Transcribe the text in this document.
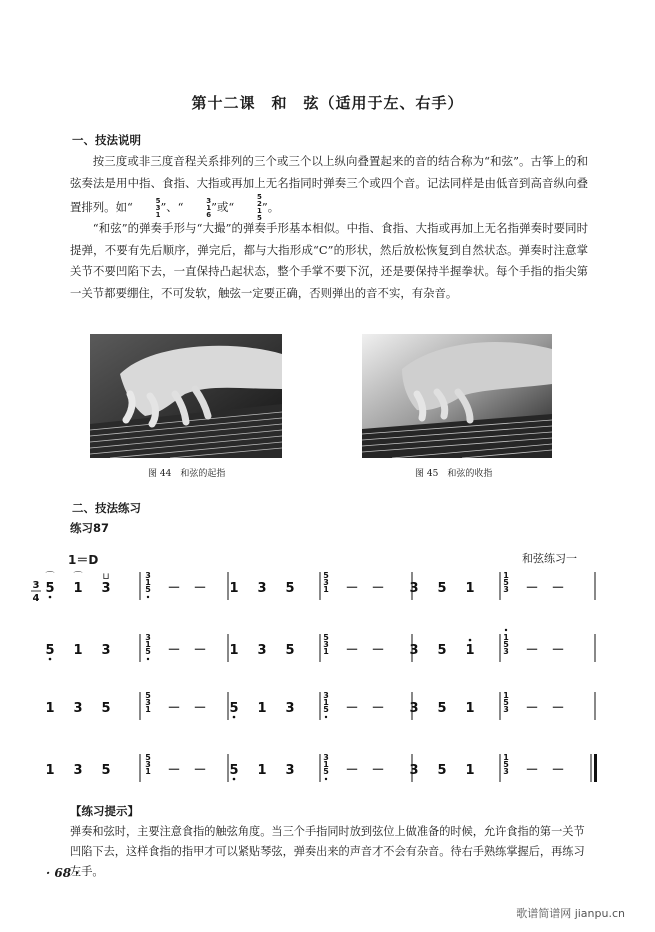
第十二课　和　弦（适用于左、右手）
一、技法说明

按三度或非三度音程关系排列的三个或三个以上纵向叠置起来的音的结合称为“和弦”。古筝上的和弦奏法是用中指、食指、大指或再加上无名指同时弹奏三个或四个音。记法同样是由低音到高音纵向叠置排列。如“	5
3
1
”、“	3
1
6
”或“
5
2
1
5
”。

“和弦”的弹奏手形与“大撮”的弹奏手形基本相似。中指、食指、大指或再加上无名指弹奏时要同时提弹，不要有先后顺序，弹完后，都与大指形成“C”的形状，然后放松恢复到自然状态。弹奏时注意掌关节不要凹陷下去，一直保持凸起状态，整个手掌不要下沉，还是要保持半握拳状。每个手指的指尖第一关节都要绷住，不可发软，触弦一定要正确，否则弹出的音不实，有杂音。

图 44　和弦的起指	图 45　和弦的收指
二、技法练习
练习87
1＝D	和弦练习一
3
4
5
⌒
1
⌒
3
⊔	3
1
5 － － 1 3 5
5
3
1 － － 3 5 1
1
5
3 － －
5 1 3
3
1
5 － － 1 3 5
5
3
1 － － 3 5 1
1
5
3 － －
1 3 5
5
3
1 － － 5 1 3
3
1
5 － － 3 5 1
1
5
3 － －
1 3 5
5
3
1 － － 5 1 3
3
1
5 － － 3 5 1
1
5
3 － －
【练习提示】
弹奏和弦时，主要注意食指的触弦角度。当三个手指同时放到弦位上做准备的时候，允许食指的第一关节凹陷下去，这样食指的指甲才可以紧贴琴弦，弹奏出来的声音才不会有杂音。待右手熟练掌握后，再练习左手。
· 68 ·
歌谱简谱网 jianpu.cn
